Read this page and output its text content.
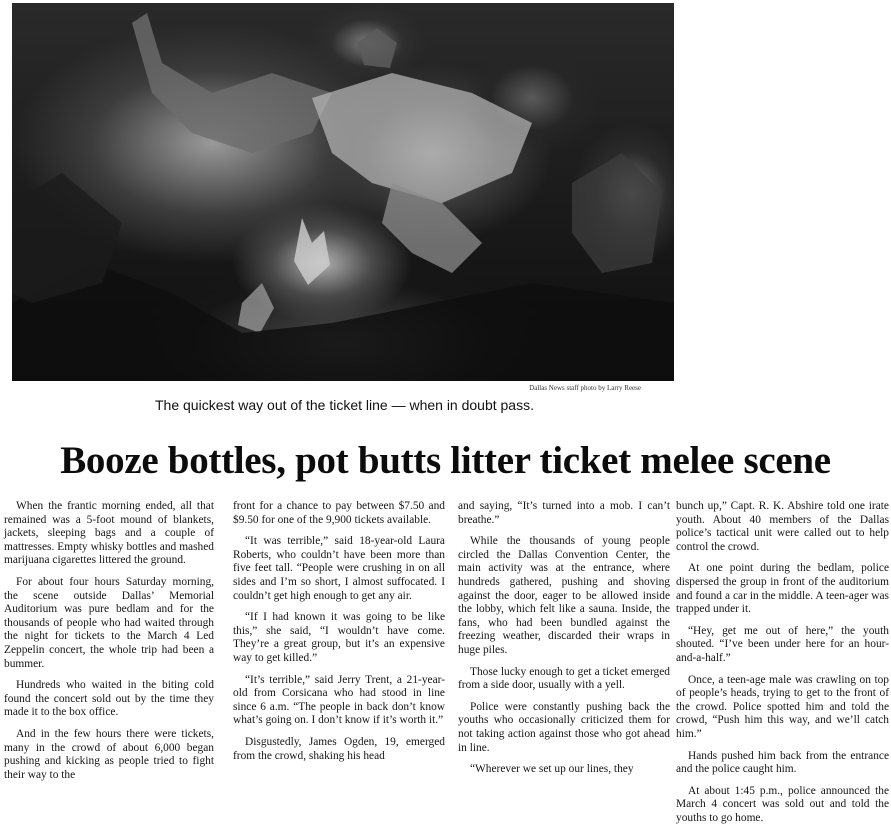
Dallas News staff photo by Larry Reese
The quickest way out of the ticket line — when in doubt pass.
Booze bottles, pot butts litter ticket melee scene

When the frantic morning ended, all that remained was a 5-foot mound of blankets, jackets, sleeping bags and a couple of mattresses. Empty whisky bottles and mashed marijuana cigarettes littered the ground.

For about four hours Saturday morning, the scene outside Dallas’ Memorial Auditorium was pure bedlam and for the thousands of people who had waited through the night for tickets to the March 4 Led Zeppelin concert, the whole trip had been a bummer.

Hundreds who waited in the biting cold found the concert sold out by the time they made it to the box office.

And in the few hours there were tickets, many in the crowd of about 6,000 began pushing and kicking as people tried to fight their way to the

front for a chance to pay between $7.50 and $9.50 for one of the 9,900 tickets available.

“It was terrible,” said 18-year-old Laura Roberts, who couldn’t have been more than five feet tall. “People were crushing in on all sides and I’m so short, I almost suffocated. I couldn’t get high enough to get any air.

“If I had known it was going to be like this,” she said, “I wouldn’t have come. They’re a great group, but it’s an expensive way to get killed.”

“It’s terrible,” said Jerry Trent, a 21-year-old from Corsicana who had stood in line since 6 a.m. “The people in back don’t know what’s going on. I don’t know if it’s worth it.”

Disgustedly, James Ogden, 19, emerged from the crowd, shaking his head

and saying, “It’s turned into a mob. I can’t breathe.”

While the thousands of young people circled the Dallas Convention Center, the main activity was at the entrance, where hundreds gathered, pushing and shoving against the door, eager to be allowed inside the lobby, which felt like a sauna. Inside, the fans, who had been bundled against the freezing weather, discarded their wraps in huge piles.

Those lucky enough to get a ticket emerged from a side door, usually with a yell.

Police were constantly pushing back the youths who occasionally criticized them for not taking action against those who got ahead in line.

“Wherever we set up our lines, they

bunch up,” Capt. R. K. Abshire told one irate youth. About 40 members of the Dallas police’s tactical unit were called out to help control the crowd.

At one point during the bedlam, police dispersed the group in front of the auditorium and found a car in the middle. A teen-ager was trapped under it.

“Hey, get me out of here,” the youth shouted. “I’ve been under here for an hour-and-a-half.”

Once, a teen-age male was crawling on top of people’s heads, trying to get to the front of the crowd. Police spotted him and told the crowd, “Push him this way, and we’ll catch him.”

Hands pushed him back from the entrance and the police caught him.

At about 1:45 p.m., police announced the March 4 concert was sold out and told the youths to go home.
